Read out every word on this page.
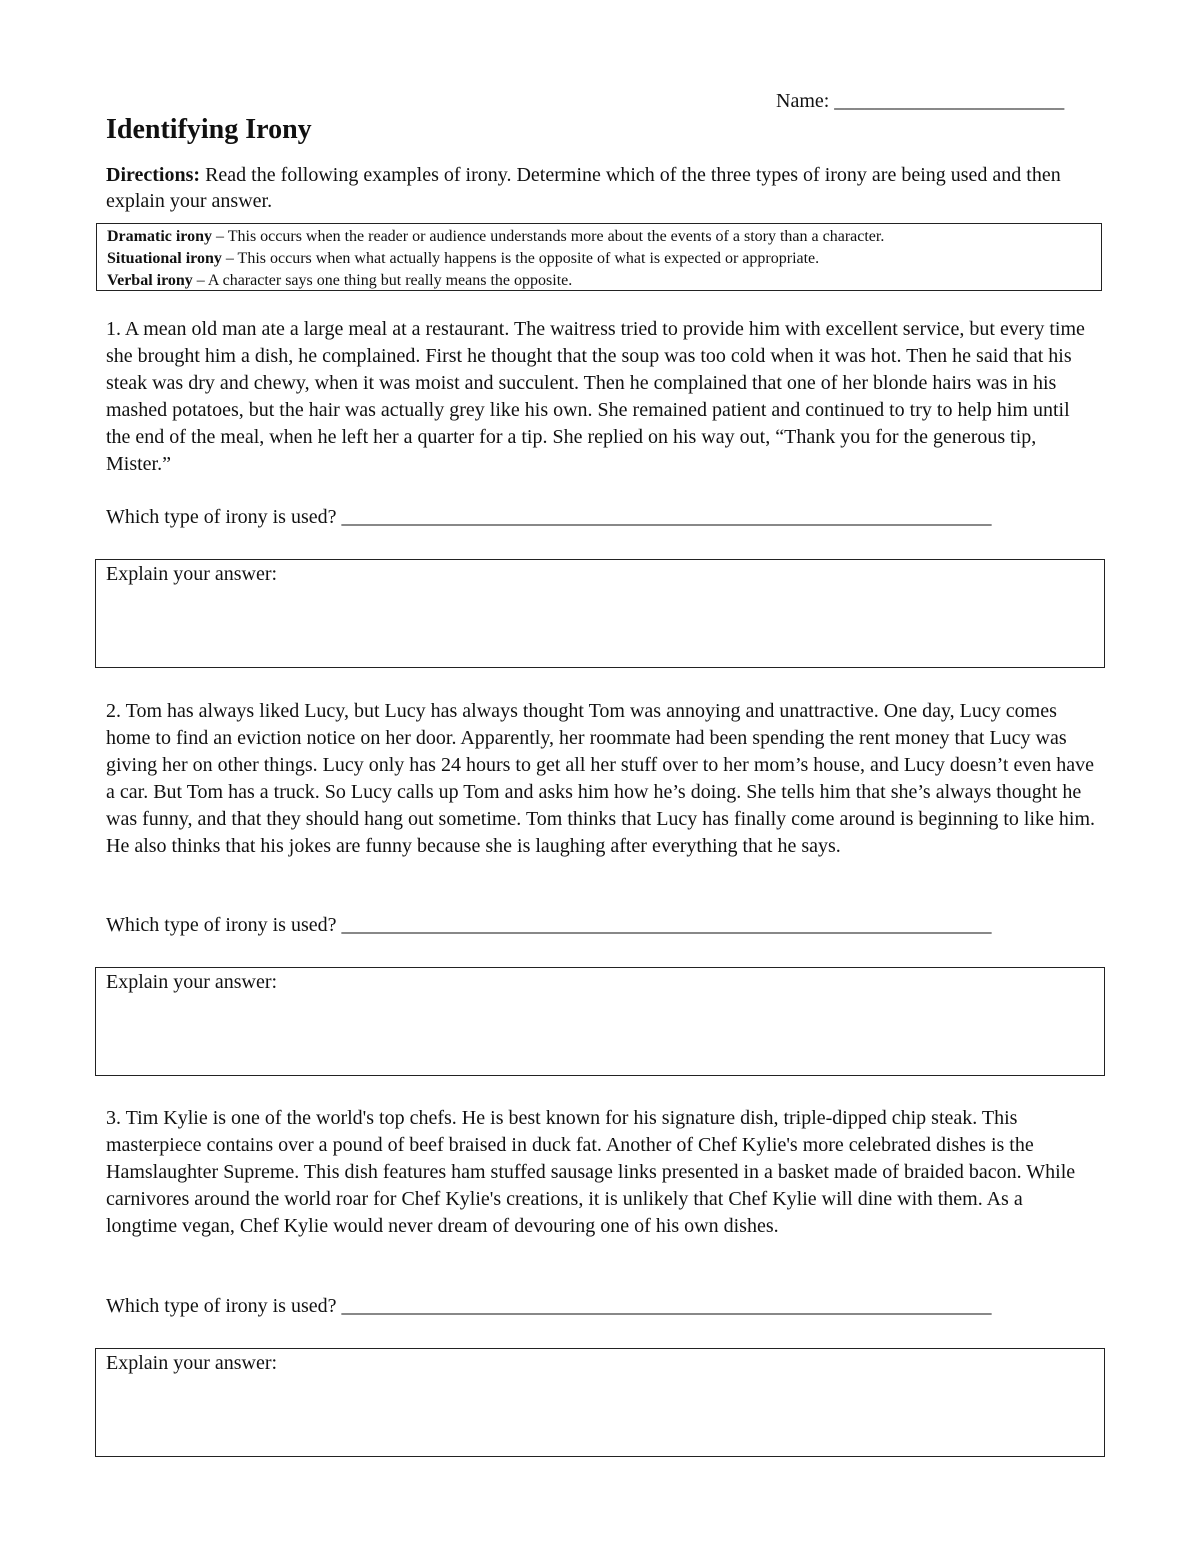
Name: _______________________
Identifying Irony
Directions: Read the following examples of irony. Determine which of the three types of irony are being used and then explain your answer.
Dramatic irony – This occurs when the reader or audience understands more about the events of a story than a character.
Situational irony – This occurs when what actually happens is the opposite of what is expected or appropriate.
Verbal irony – A character says one thing but really means the opposite.
1. A mean old man ate a large meal at a restaurant. The waitress tried to provide him with excellent service, but every time she brought him a dish, he complained. First he thought that the soup was too cold when it was hot. Then he said that his steak was dry and chewy, when it was moist and succulent. Then he complained that one of her blonde hairs was in his mashed potatoes, but the hair was actually grey like his own. She remained patient and continued to try to help him until the end of the meal, when he left her a quarter for a tip. She replied on his way out, “Thank you for the generous tip, Mister.”
Which type of irony is used? _________________________________________________________________
Explain your answer:
2. Tom has always liked Lucy, but Lucy has always thought Tom was annoying and unattractive. One day, Lucy comes home to find an eviction notice on her door. Apparently, her roommate had been spending the rent money that Lucy was giving her on other things. Lucy only has 24 hours to get all her stuff over to her mom’s house, and Lucy doesn’t even have a car. But Tom has a truck. So Lucy calls up Tom and asks him how he’s doing. She tells him that she’s always thought he was funny, and that they should hang out sometime. Tom thinks that Lucy has finally come around is beginning to like him. He also thinks that his jokes are funny because she is laughing after everything that he says.
Which type of irony is used? _________________________________________________________________
Explain your answer:
3. Tim Kylie is one of the world's top chefs. He is best known for his signature dish, triple-dipped chip steak. This masterpiece contains over a pound of beef braised in duck fat. Another of Chef Kylie's more celebrated dishes is the Hamslaughter Supreme. This dish features ham stuffed sausage links presented in a basket made of braided bacon. While carnivores around the world roar for Chef Kylie's creations, it is unlikely that Chef Kylie will dine with them. As a longtime vegan, Chef Kylie would never dream of devouring one of his own dishes.
Which type of irony is used? _________________________________________________________________
Explain your answer:
